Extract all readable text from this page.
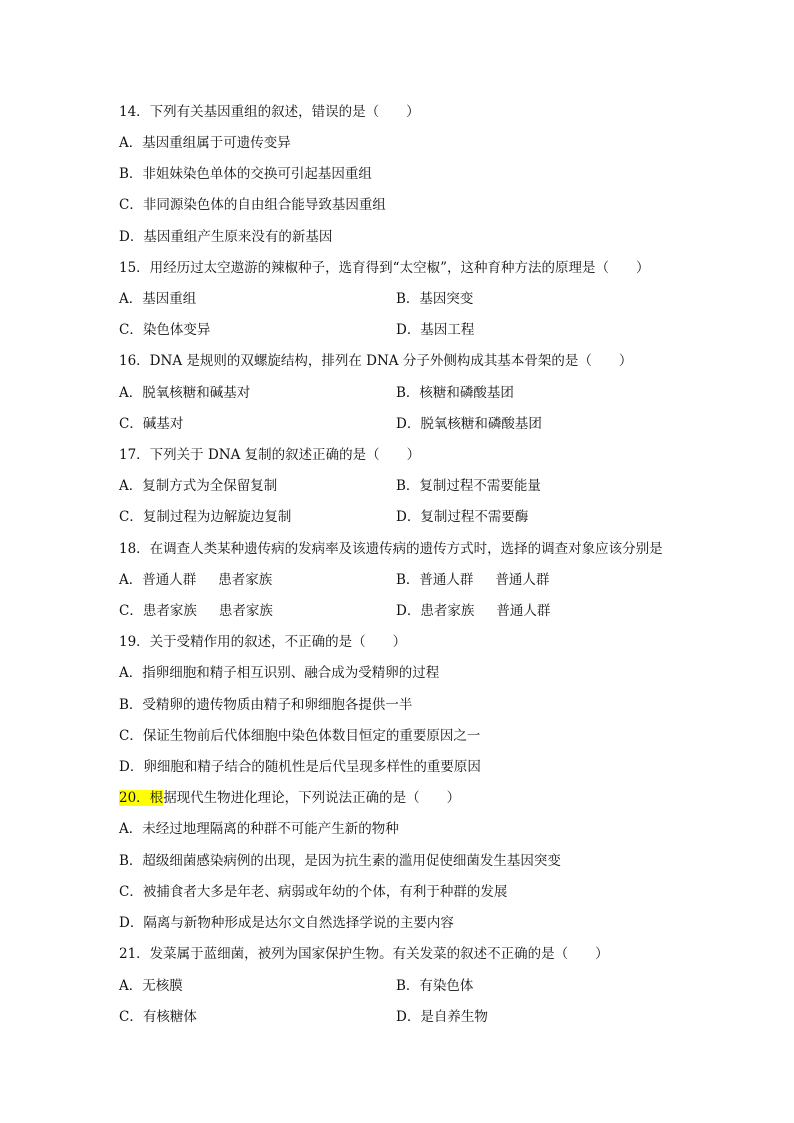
14．下列有关基因重组的叙述，错误的是（　　）
A．基因重组属于可遗传变异
B．非姐妹染色单体的交换可引起基因重组
C．非同源染色体的自由组合能导致基因重组
D．基因重组产生原来没有的新基因
15．用经历过太空遨游的辣椒种子，选育得到“太空椒”，这种育种方法的原理是（　　）
A．基因重组	B．基因突变
C．染色体变异	D．基因工程
16．DNA 是规则的双螺旋结构，排列在 DNA 分子外侧构成其基本骨架的是（　　）
A．脱氧核糖和碱基对	B．核糖和磷酸基团
C．碱基对	D．脱氧核糖和磷酸基团
17．下列关于 DNA 复制的叙述正确的是（　　）
A．复制方式为全保留复制	B．复制过程不需要能量
C．复制过程为边解旋边复制	D．复制过程不需要酶
18．在调查人类某种遗传病的发病率及该遗传病的遗传方式时，选择的调查对象应该分别是
A．普通人群 患者家族	B．普通人群 普通人群
C．患者家族 患者家族	D．患者家族 普通人群
19．关于受精作用的叙述，不正确的是（　　）
A．指卵细胞和精子相互识别、融合成为受精卵的过程
B．受精卵的遗传物质由精子和卵细胞各提供一半
C．保证生物前后代体细胞中染色体数目恒定的重要原因之一
D．卵细胞和精子结合的随机性是后代呈现多样性的重要原因
20．根据现代生物进化理论，下列说法正确的是（　　）
A．未经过地理隔离的种群不可能产生新的物种
B．超级细菌感染病例的出现，是因为抗生素的滥用促使细菌发生基因突变
C．被捕食者大多是年老、病弱或年幼的个体，有利于种群的发展
D．隔离与新物种形成是达尔文自然选择学说的主要内容
21．发菜属于蓝细菌，被列为国家保护生物。有关发菜的叙述不正确的是（　　）
A．无核膜	B．有染色体
C．有核糖体	D．是自养生物
